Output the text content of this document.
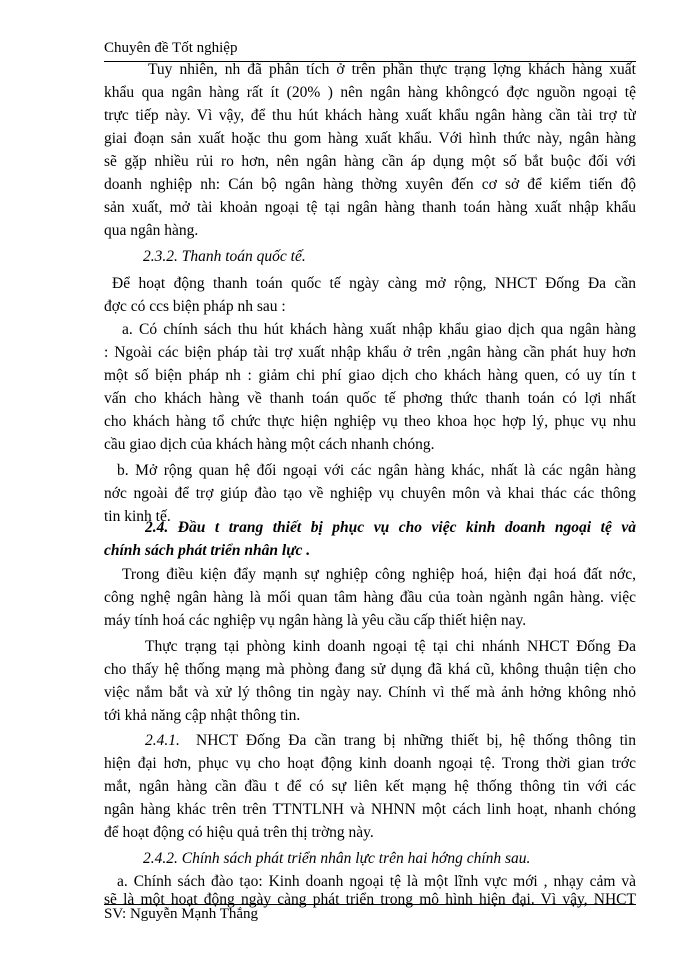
Chuyên đề Tốt nghiệp
Tuy nhiên, nh đã phân tích ở trên phần thực trạng lợng khách hàng xuất
khẩu qua ngân hàng rất ít (20% ) nên ngân hàng khôngcó đợc nguồn ngoại tệ
trực tiếp này. Vì vậy, để thu hút khách hàng xuất khẩu ngân hàng cần tài trợ từ
giai đoạn sản xuất hoặc thu gom hàng xuất khẩu. Với hình thức này, ngân hàng
sẽ gặp nhiều rủi ro hơn, nên ngân hàng cần áp dụng một số bắt buộc đối với
doanh nghiệp nh: Cán bộ ngân hàng thờng xuyên đến cơ sở để kiểm tiến độ
sản xuất, mở tài khoản ngoại tệ tại ngân hàng thanh toán hàng xuất nhập khẩu
qua ngân hàng.
2.3.2. Thanh toán quốc tế.
Để hoạt động thanh toán quốc tế ngày càng mở rộng, NHCT Đống Đa cần
đợc có ccs biện pháp nh sau :
a. Có chính sách thu hút khách hàng xuất nhập khẩu giao dịch qua ngân hàng
: Ngoài các biện pháp tài trợ xuất nhập khẩu ở trên ,ngân hàng cần phát huy hơn
một số biện pháp nh : giảm chi phí giao dịch cho khách hàng quen, có uy tín t
vấn cho khách hàng về thanh toán quốc tế phơng thức thanh toán có lợi nhất
cho khách hàng tổ chức thực hiện nghiệp vụ theo khoa học hợp lý, phục vụ nhu
cầu giao dịch của khách hàng một cách nhanh chóng.
b. Mở rộng quan hệ đối ngoại với các ngân hàng khác, nhất là các ngân hàng
nớc ngoài để trợ giúp đào tạo về nghiệp vụ chuyên môn và khai thác các thông
tin kinh tế.
2.4. Đầu t trang thiết bị phục vụ cho việc kinh doanh ngoại tệ và
chính sách phát triển nhân lực .
Trong điều kiện đẩy mạnh sự nghiệp công nghiệp hoá, hiện đại hoá đất nớc,
công nghệ ngân hàng là mối quan tâm hàng đầu của toàn ngành ngân hàng. việc
máy tính hoá các nghiệp vụ ngân hàng là yêu cầu cấp thiết hiện nay.
Thực trạng tại phòng kinh doanh ngoại tệ tại chi nhánh NHCT Đống Đa
cho thấy hệ thống mạng mà phòng đang sử dụng đã khá cũ, không thuận tiện cho
việc nắm bắt và xử lý thông tin ngày nay. Chính vì thế mà ảnh hởng không nhỏ
tới khả năng cập nhật thông tin.
2.4.1.	NHCT Đống Đa cần trang bị những thiết bị, hệ thống thông tin
hiện đại hơn, phục vụ cho hoạt động kinh doanh ngoại tệ. Trong thời gian trớc
mắt, ngân hàng cần đầu t để có sự liên kết mạng hệ thống thông tin với các
ngân hàng khác trên trên TTNTLNH và NHNN một cách linh hoạt, nhanh chóng
để hoạt động có hiệu quả trên thị trờng này.
2.4.2. Chính sách phát triển nhân lực trên hai hớng chính sau.
a. Chính sách đào tạo: Kinh doanh ngoại tệ là một lĩnh vực mới , nhạy cảm và
sẽ là một hoạt động ngày càng phát triển trong mô hình hiện đại. Vì vậy, NHCT
SV: Nguyễn Mạnh Thắng
